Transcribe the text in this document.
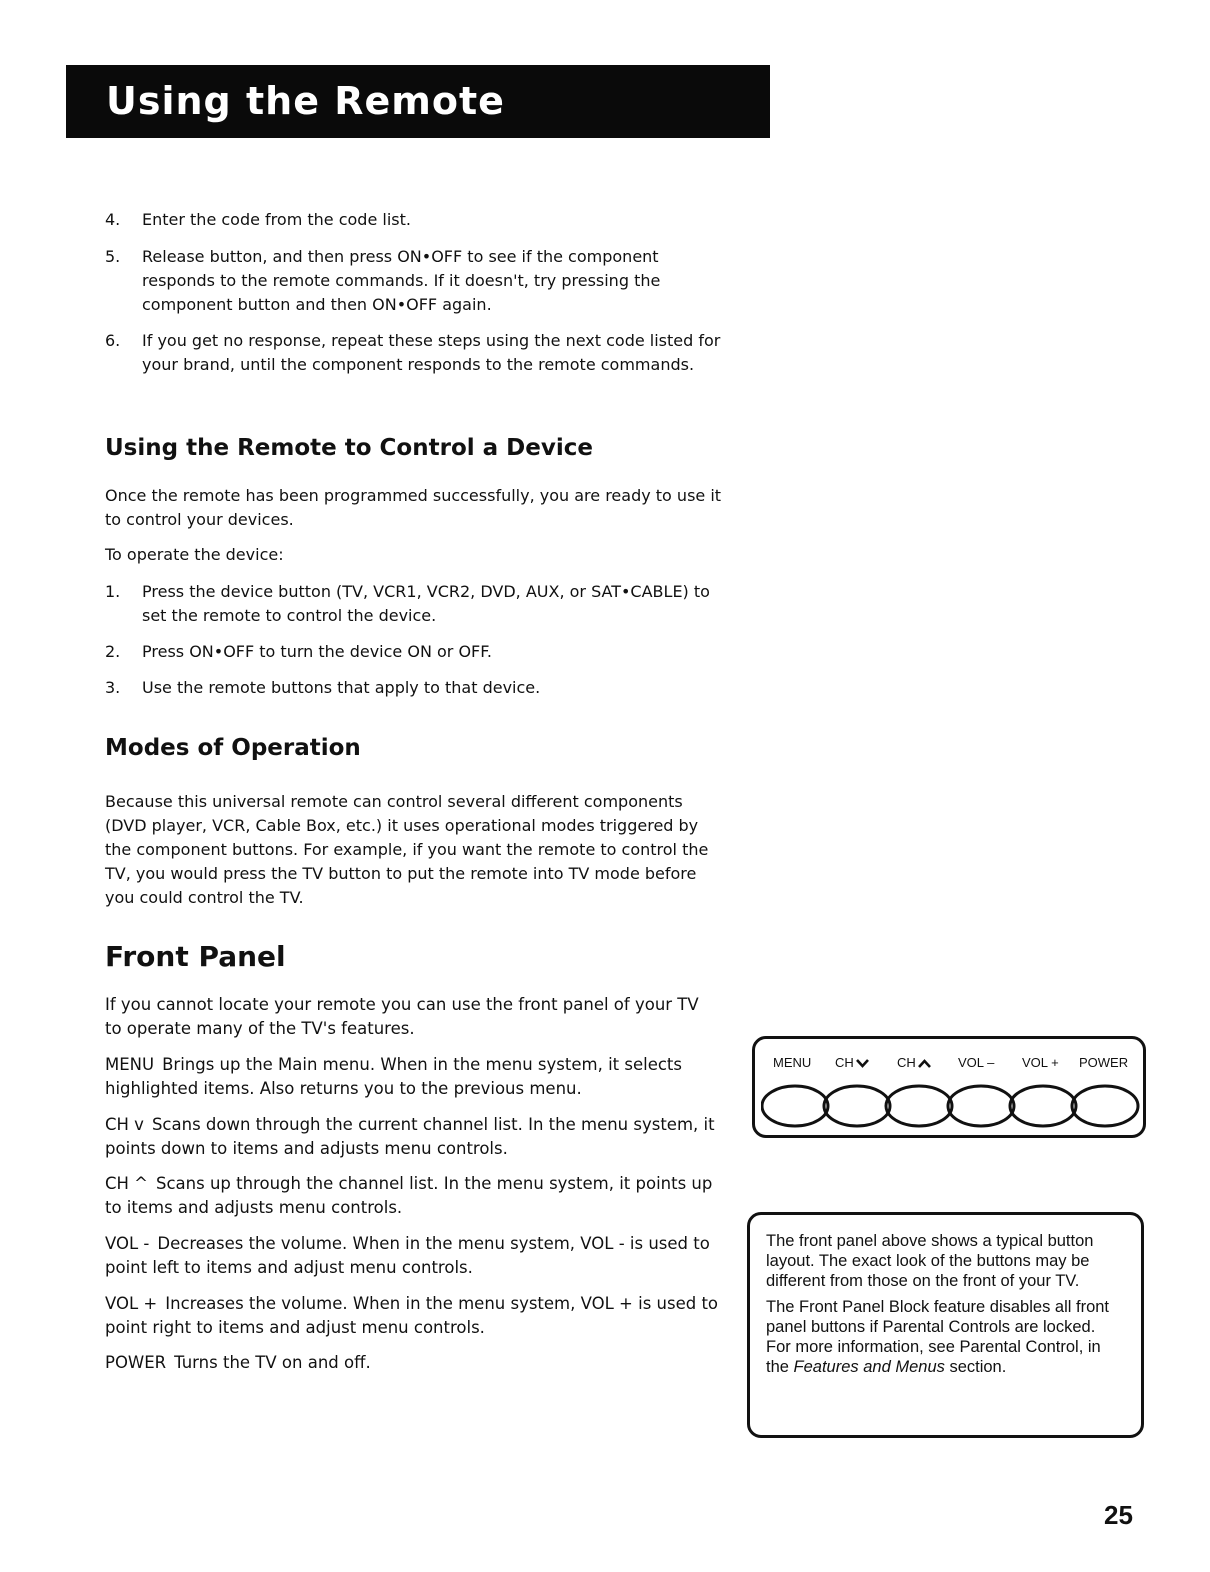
Using the Remote
4. Enter the code from the code list.
5. Release button, and then press ON•OFF to see if the component responds to the remote commands. If it doesn't, try pressing the component button and then ON•OFF again.
6. If you get no response, repeat these steps using the next code listed for your brand, until the component responds to the remote commands.
Using the Remote to Control a Device
Once the remote has been programmed successfully, you are ready to use it to control your devices.
To operate the device:
1. Press the device button (TV, VCR1, VCR2, DVD, AUX, or SAT•CABLE) to set the remote to control the device.
2. Press ON•OFF to turn the device ON or OFF.
3. Use the remote buttons that apply to that device.
Modes of Operation
Because this universal remote can control several different components (DVD player, VCR, Cable Box, etc.) it uses operational modes triggered by the component buttons. For example, if you want the remote to control the TV, you would press the TV button to put the remote into TV mode before you could control the TV.
Front Panel
If you cannot locate your remote you can use the front panel of your TV to operate many of the TV's features.
MENU Brings up the Main menu. When in the menu system, it selects highlighted items. Also returns you to the previous menu.
CH v Scans down through the current channel list. In the menu system, it points down to items and adjusts menu controls.
CH ^ Scans up through the channel list. In the menu system, it points up to items and adjusts menu controls.
VOL - Decreases the volume. When in the menu system, VOL - is used to point left to items and adjust menu controls.
VOL + Increases the volume. When in the menu system, VOL + is used to point right to items and adjust menu controls.
POWER Turns the TV on and off.
MENU CH	CH	VOL – VOL + POWER

The front panel above shows a typical button layout. The exact look of the buttons may be different from those on the front of your TV.

The Front Panel Block feature disables all front panel buttons if Parental Controls are locked. For more information, see Parental Control, in the Features and Menus section.

25
